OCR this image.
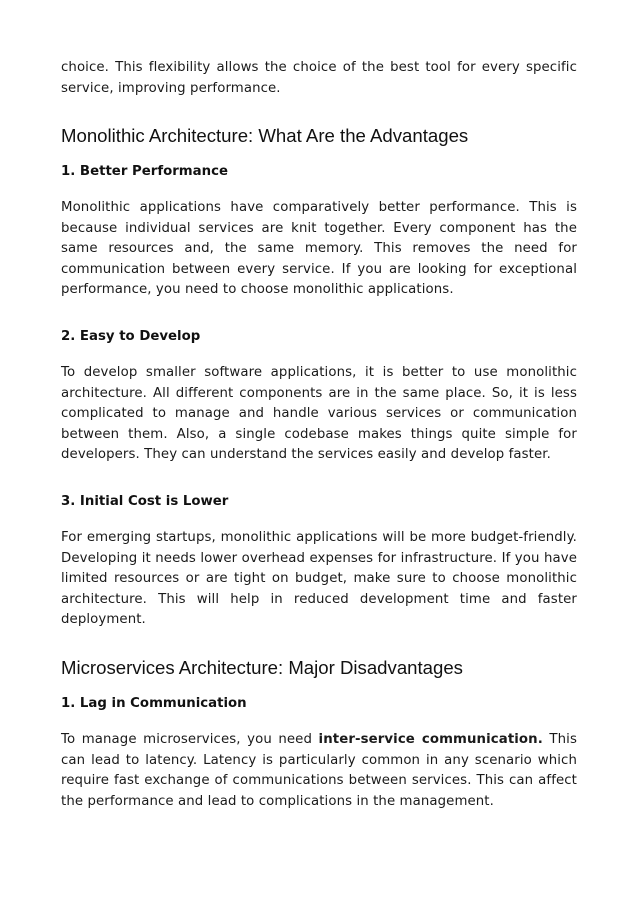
choice. This flexibility allows the choice of the best tool for every specific service, improving performance.

Monolithic Architecture: What Are the Advantages
1. Better Performance

Monolithic applications have comparatively better performance. This is because individual services are knit together. Every component has the same resources and, the same memory. This removes the need for communication between every service. If you are looking for exceptional performance, you need to choose monolithic applications.

2. Easy to Develop

To develop smaller software applications, it is better to use monolithic architecture. All different components are in the same place. So, it is less complicated to manage and handle various services or communication between them. Also, a single codebase makes things quite simple for developers. They can understand the services easily and develop faster.

3. Initial Cost is Lower

For emerging startups, monolithic applications will be more budget-friendly. Developing it needs lower overhead expenses for infrastructure. If you have limited resources or are tight on budget, make sure to choose monolithic architecture. This will help in reduced development time and faster deployment.

Microservices Architecture: Major Disadvantages
1. Lag in Communication

To manage microservices, you need inter-service communication. This can lead to latency. Latency is particularly common in any scenario which require fast exchange of communications between services. This can affect the performance and lead to complications in the management.
